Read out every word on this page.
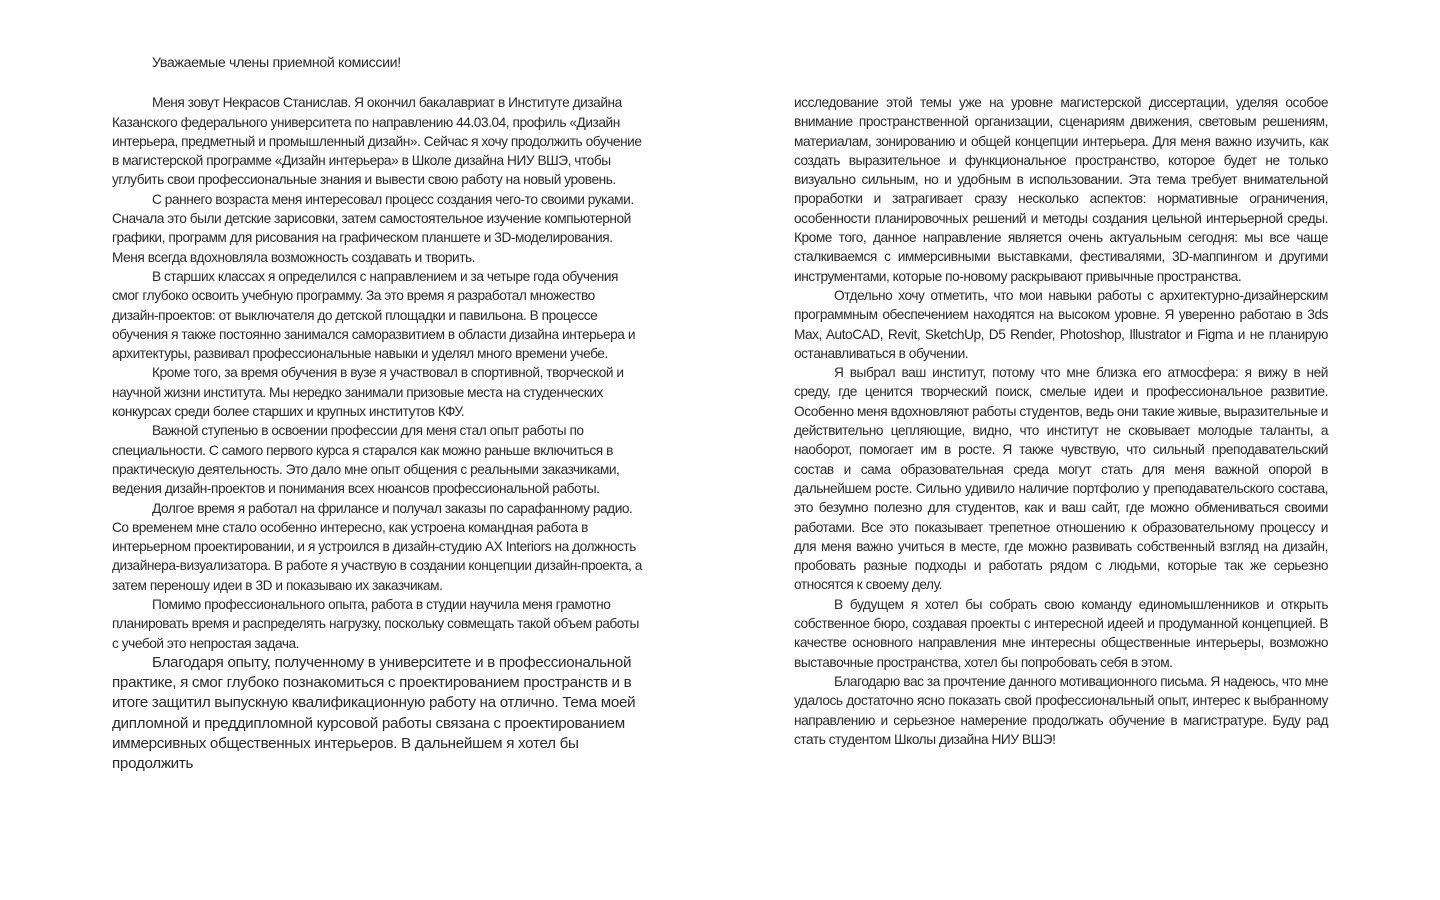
Уважаемые члены приемной комиссии!

Меня зовут Некрасов Станислав. Я окончил бакалавриат в Институте дизайна Казанского федерального университета по направлению 44.03.04, профиль «Дизайн интерьера, предметный и промышленный дизайн». Сейчас я хочу продолжить обучение в магистерской программе «Дизайн интерьера» в Школе дизайна НИУ ВШЭ, чтобы углубить свои профессиональные знания и вывести свою работу на новый уровень.

С раннего возраста меня интересовал процесс создания чего-то своими руками. Сначала это были детские зарисовки, затем самостоятельное изучение компьютерной графики, программ для рисования на графическом планшете и 3D-моделирования. Меня всегда вдохновляла возможность создавать и творить.

В старших классах я определился с направлением и за четыре года обучения смог глубоко освоить учебную программу. За это время я разработал множество дизайн-проектов: от выключателя до детской площадки и павильона. В процессе обучения я также постоянно занимался саморазвитием в области дизайна интерьера и архитектуры, развивал профессиональные навыки и уделял много времени учебе.

Кроме того, за время обучения в вузе я участвовал в спортивной, творческой и научной жизни института. Мы нередко занимали призовые места на студенческих конкурсах среди более старших и крупных институтов КФУ.

Важной ступенью в освоении профессии для меня стал опыт работы по специальности. С самого первого курса я старался как можно раньше включиться в практическую деятельность. Это дало мне опыт общения с реальными заказчиками, ведения дизайн-проектов и понимания всех нюансов профессиональной работы.

Долгое время я работал на фрилансе и получал заказы по сарафанному радио. Со временем мне стало особенно интересно, как устроена командная работа в интерьерном проектировании, и я устроился в дизайн-студию AX Interiors на должность дизайнера-визуализатора. В работе я участвую в создании концепции дизайн-проекта, а затем переношу идеи в 3D и показываю их заказчикам.

Помимо профессионального опыта, работа в студии научила меня грамотно планировать время и распределять нагрузку, поскольку совмещать такой объем работы с учебой это непростая задача.

Благодаря опыту, полученному в университете и в профессиональной практике, я смог глубоко познакомиться с проектированием пространств и в итоге защитил выпускную квалификационную работу на отлично. Тема моей дипломной и преддипломной курсовой работы связана с проектированием иммерсивных общественных интерьеров. В дальнейшем я хотел бы продолжить

исследование этой темы уже на уровне магистерской диссертации, уделяя особое внимание пространственной организации, сценариям движения, световым решениям, материалам, зонированию и общей концепции интерьера. Для меня важно изучить, как создать выразительное и функциональное пространство, которое будет не только визуально сильным, но и удобным в использовании. Эта тема требует внимательной проработки и затрагивает сразу несколько аспектов: нормативные ограничения, особенности планировочных решений и методы создания цельной интерьерной среды. Кроме того, данное направление является очень актуальным сегодня: мы все чаще сталкиваемся с иммерсивными выставками, фестивалями, 3D-маппингом и другими инструментами, которые по-новому раскрывают привычные пространства.

Отдельно хочу отметить, что мои навыки работы с архитектурно-дизайнерским программным обеспечением находятся на высоком уровне. Я уверенно работаю в 3ds Max, AutoCAD, Revit, SketchUp, D5 Render, Photoshop, Illustrator и Figma и не планирую останавливаться в обучении.

Я выбрал ваш институт, потому что мне близка его атмосфера: я вижу в ней среду, где ценится творческий поиск, смелые идеи и профессиональное развитие. Особенно меня вдохновляют работы студентов, ведь они такие живые, выразительные и действительно цепляющие, видно, что институт не сковывает молодые таланты, а наоборот, помогает им в росте. Я также чувствую, что сильный преподавательский состав и сама образовательная среда могут стать для меня важной опорой в дальнейшем росте. Сильно удивило наличие портфолио у преподавательского состава, это безумно полезно для студентов, как и ваш сайт, где можно обмениваться своими работами. Все это показывает трепетное отношению к образовательному процессу и для меня важно учиться в месте, где можно развивать собственный взгляд на дизайн, пробовать разные подходы и работать рядом с людьми, которые так же серьезно относятся к своему делу.

В будущем я хотел бы собрать свою команду единомышленников и открыть собственное бюро, создавая проекты с интересной идеей и продуманной концепцией. В качестве основного направления мне интересны общественные интерьеры, возможно выставочные пространства, хотел бы попробовать себя в этом.

Благодарю вас за прочтение данного мотивационного письма. Я надеюсь, что мне удалось достаточно ясно показать свой профессиональный опыт, интерес к выбранному направлению и серьезное намерение продолжать обучение в магистратуре. Буду рад стать студентом Школы дизайна НИУ ВШЭ!
